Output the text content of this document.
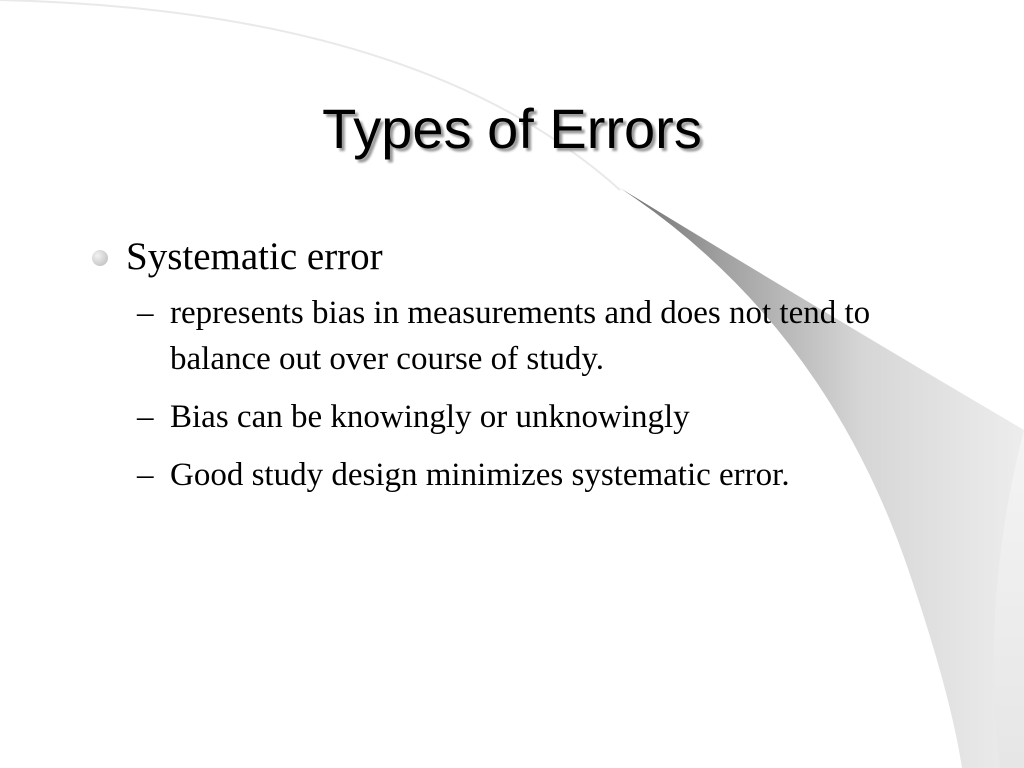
Types of Errors
Systematic error
– represents bias in measurements and does not tend to balance out over course of study.
– Bias can be knowingly or unknowingly
– Good study design minimizes systematic error.
